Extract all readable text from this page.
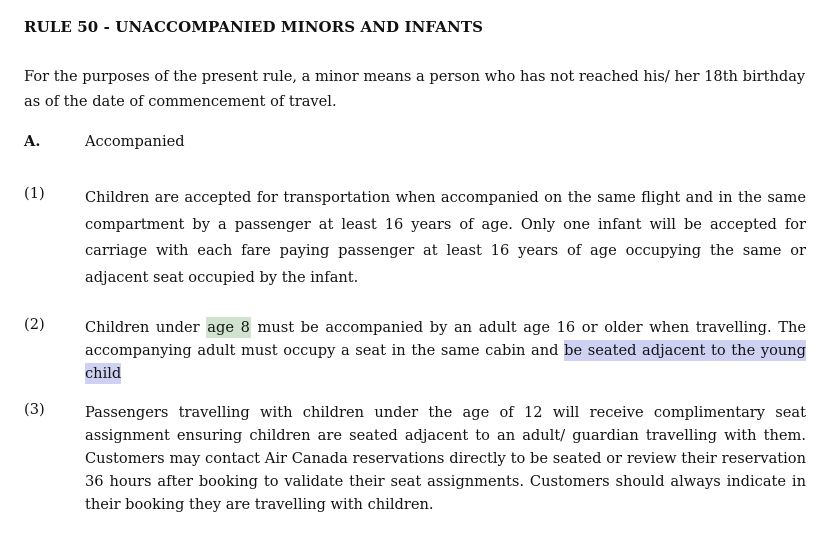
RULE 50 - UNACCOMPANIED MINORS AND INFANTS
For the purposes of the present rule, a minor means a person who has not reached his/ her 18th birthday as of the date of commencement of travel.
A.	Accompanied
(1)	Children are accepted for transportation when accompanied on the same flight and in the same compartment by a passenger at least 16 years of age. Only one infant will be accepted for carriage with each fare paying passenger at least 16 years of age occupying the same or adjacent seat occupied by the infant.
(2)	Children under age 8 must be accompanied by an adult age 16 or older when travelling. The accompanying adult must occupy a seat in the same cabin and be seated adjacent to the young child
(3)	Passengers travelling with children under the age of 12 will receive complimentary seat assignment ensuring children are seated adjacent to an adult/ guardian travelling with them. Customers may contact Air Canada reservations directly to be seated or review their reservation 36 hours after booking to validate their seat assignments. Customers should always indicate in their booking they are travelling with children.
